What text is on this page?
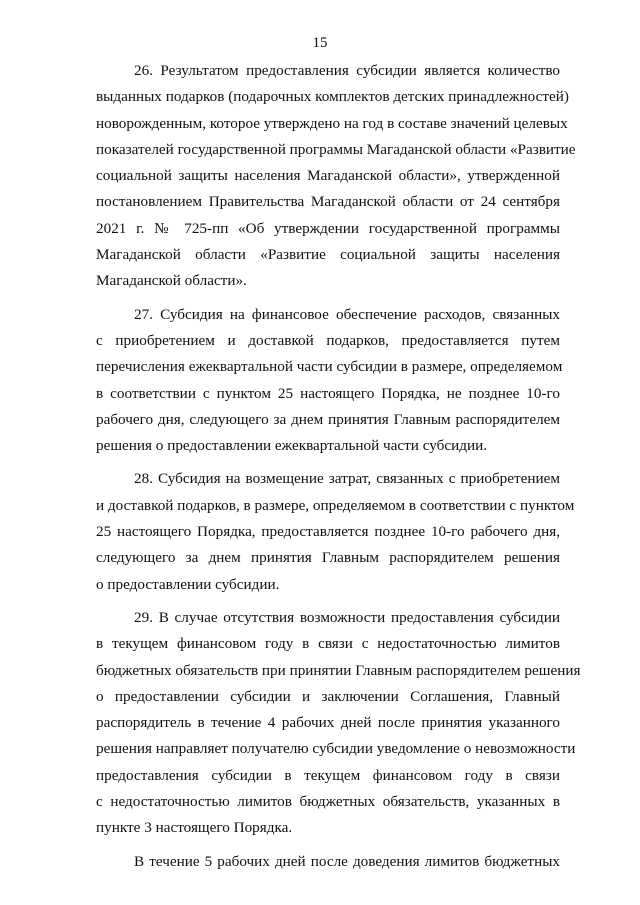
15
26. Результатом предоставления субсидии является количество
выданных подарков (подарочных комплектов детских принадлежностей)
новорожденным, которое утверждено на год в составе значений целевых
показателей государственной программы Магаданской области «Развитие
социальной защиты населения Магаданской области», утвержденной
постановлением Правительства Магаданской области от 24 сентября
2021 г. № 725-пп «Об утверждении государственной программы
Магаданской области «Развитие социальной защиты населения
Магаданской области».
27. Субсидия на финансовое обеспечение расходов, связанных
с приобретением и доставкой подарков, предоставляется путем
перечисления ежеквартальной части субсидии в размере, определяемом
в соответствии с пунктом 25 настоящего Порядка, не позднее 10-го
рабочего дня, следующего за днем принятия Главным распорядителем
решения о предоставлении ежеквартальной части субсидии.
28. Субсидия на возмещение затрат, связанных с приобретением
и доставкой подарков, в размере, определяемом в соответствии с пунктом
25 настоящего Порядка, предоставляется позднее 10-го рабочего дня,
следующего за днем принятия Главным распорядителем решения
о предоставлении субсидии.
29. В случае отсутствия возможности предоставления субсидии
в текущем финансовом году в связи с недостаточностью лимитов
бюджетных обязательств при принятии Главным распорядителем решения
о предоставлении субсидии и заключении Соглашения, Главный
распорядитель в течение 4 рабочих дней после принятия указанного
решения направляет получателю субсидии уведомление о невозможности
предоставления субсидии в текущем финансовом году в связи
с недостаточностью лимитов бюджетных обязательств, указанных в
пункте 3 настоящего Порядка.
В течение 5 рабочих дней после доведения лимитов бюджетных
